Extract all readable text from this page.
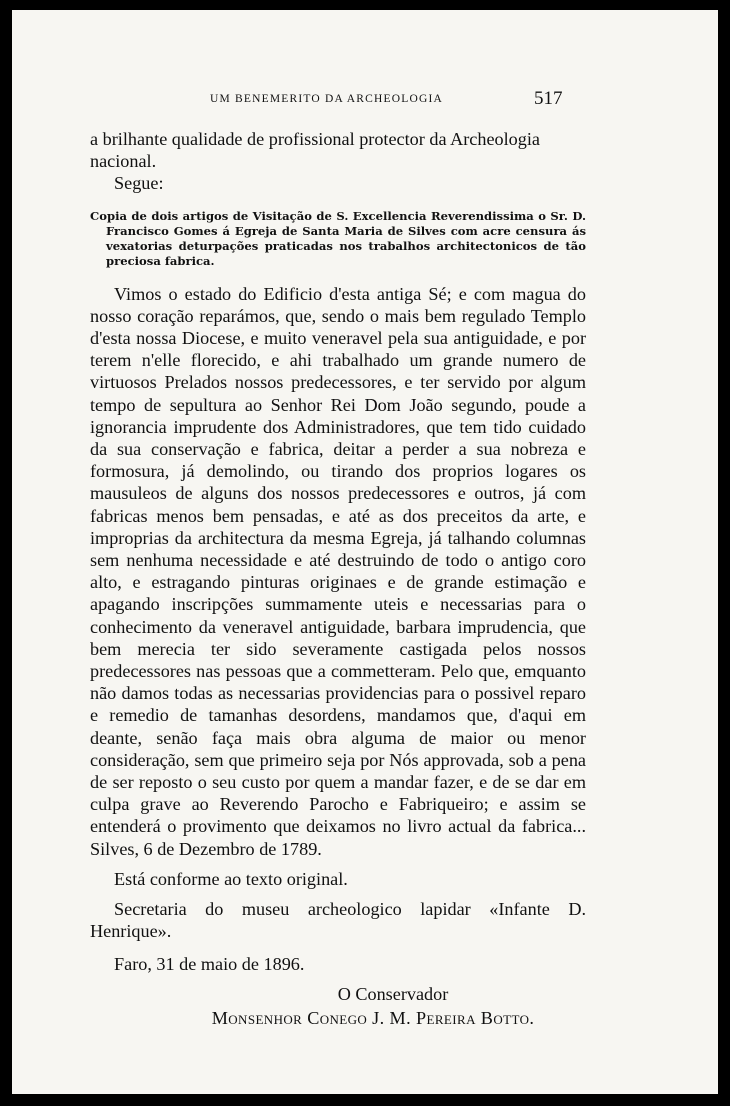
UM BENEMERITO DA ARCHEOLOGIA	517

a brilhante qualidade de profissional protector da Archeologia

nacional.

Segue:

Copia de dois artigos de Visitação de S. Excellencia Reverendissima o Sr. D. Francisco Gomes á Egreja de Santa Maria de Silves com acre censura ás vexatorias deturpações praticadas nos trabalhos architectonicos de tão preciosa fabrica.

Vimos o estado do Edificio d'esta antiga Sé; e com magua do nosso coração reparámos, que, sendo o mais bem regulado Templo d'esta nossa Diocese, e muito veneravel pela sua antiguidade, e por terem n'elle florecido, e ahi trabalhado um grande numero de virtuosos Prelados nossos predecessores, e ter servido por algum tempo de sepultura ao Senhor Rei Dom João segundo, poude a ignorancia imprudente dos Administradores, que tem tido cuidado da sua conservação e fabrica, deitar a perder a sua nobreza e formosura, já demolindo, ou tirando dos proprios logares os mausuleos de alguns dos nossos predecessores e outros, já com fabricas menos bem pensadas, e até as dos preceitos da arte, e improprias da architectura da mesma Egreja, já talhando columnas sem nenhuma necessidade e até destruindo de todo o antigo coro alto, e estragando pinturas originaes e de grande estimação e apagando inscripções summamente uteis e necessarias para o conhecimento da veneravel antiguidade, barbara imprudencia, que bem merecia ter sido severamente castigada pelos nossos predecessores nas pessoas que a commetteram. Pelo que, emquanto não damos todas as necessarias providencias para o possivel reparo e remedio de tamanhas desordens, mandamos que, d'aqui em deante, senão faça mais obra alguma de maior ou menor consideração, sem que primeiro seja por Nós approvada, sob a pena de ser reposto o seu custo por quem a mandar fazer, e de se dar em culpa grave ao Reverendo Parocho e Fabriqueiro; e assim se entenderá o provimento que deixamos no livro actual da fabrica... Silves, 6 de Dezembro de 1789.

Está conforme ao texto original.

Secretaria do museu archeologico lapidar «Infante D. Henrique».

Faro, 31 de maio de 1896.

O Conservador

Monsenhor Conego J. M. Pereira Botto.
